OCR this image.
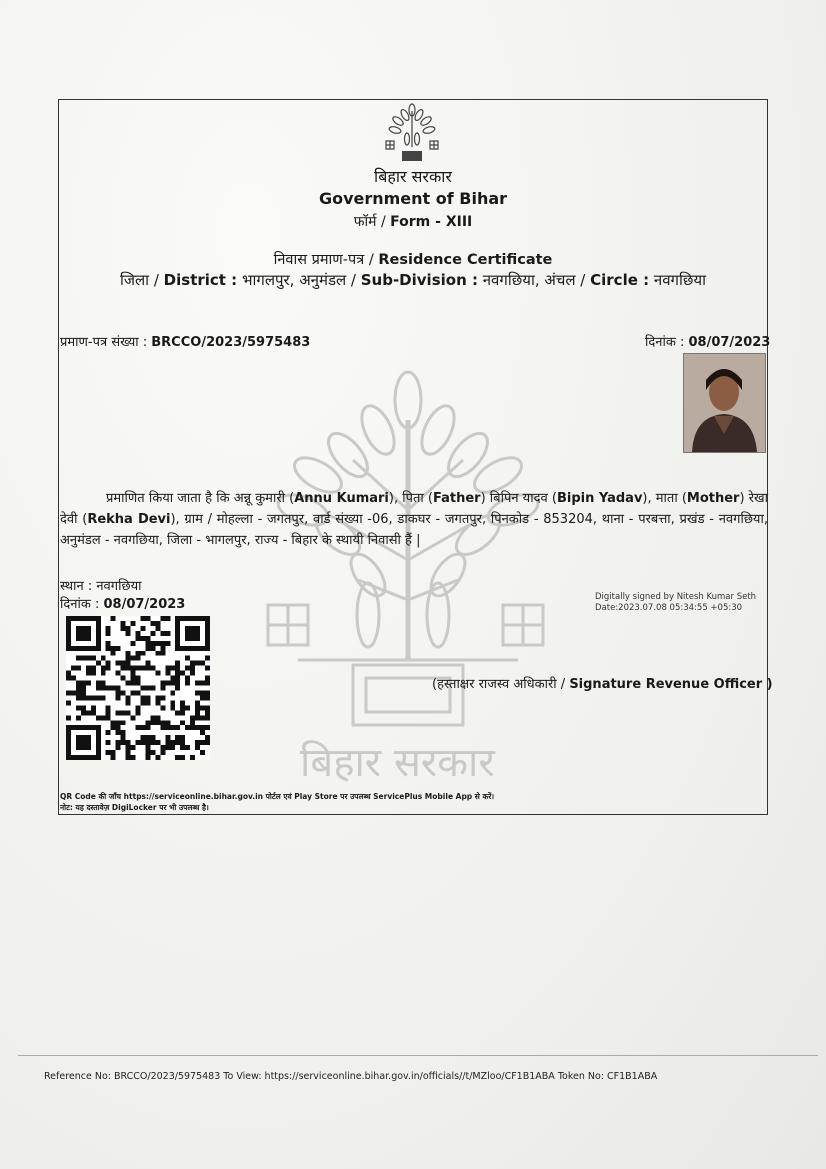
बिहार सरकार
बिहार सरकार
Government of Bihar
फॉर्म / Form - XIII
निवास प्रमाण-पत्र / Residence Certificate
जिला / District : भागलपुर, अनुमंडल / Sub-Division : नवगछिया, अंचल / Circle : नवगछिया
प्रमाण-पत्र संख्या : BRCCO/2023/5975483	दिनांक : 08/07/2023
प्रमाणित किया जाता है कि अन्नू कुमारी (Annu Kumari), पिता (Father) बिपिन यादव (Bipin Yadav), माता (Mother) रेखा देवी (Rekha Devi), ग्राम / मोहल्ला - जगतपुर, वार्ड संख्या -06, डाकघर - जगतपुर, पिनकोड - 853204, थाना - परबत्ता, प्रखंड - नवगछिया, अनुमंडल - नवगछिया, जिला - भागलपुर, राज्य - बिहार के स्थायी निवासी हैं |
स्थान : नवगछिया
दिनांक : 08/07/2023	Digitally signed by Nitesh Kumar Seth
Date:2023.07.08 05:34:55 +05:30
(हस्ताक्षर राजस्व अधिकारी / Signature Revenue Officer )
QR Code की जाँच https://serviceonline.bihar.gov.in पोर्टल एवं Play Store पर उपलब्ध ServicePlus Mobile App से करें।
नोट: यह दस्तावेज़ DigiLocker पर भी उपलब्ध है।
Reference No: BRCCO/2023/5975483 To View: https://serviceonline.bihar.gov.in/officials//t/MZloo/CF1B1ABA Token No: CF1B1ABA
